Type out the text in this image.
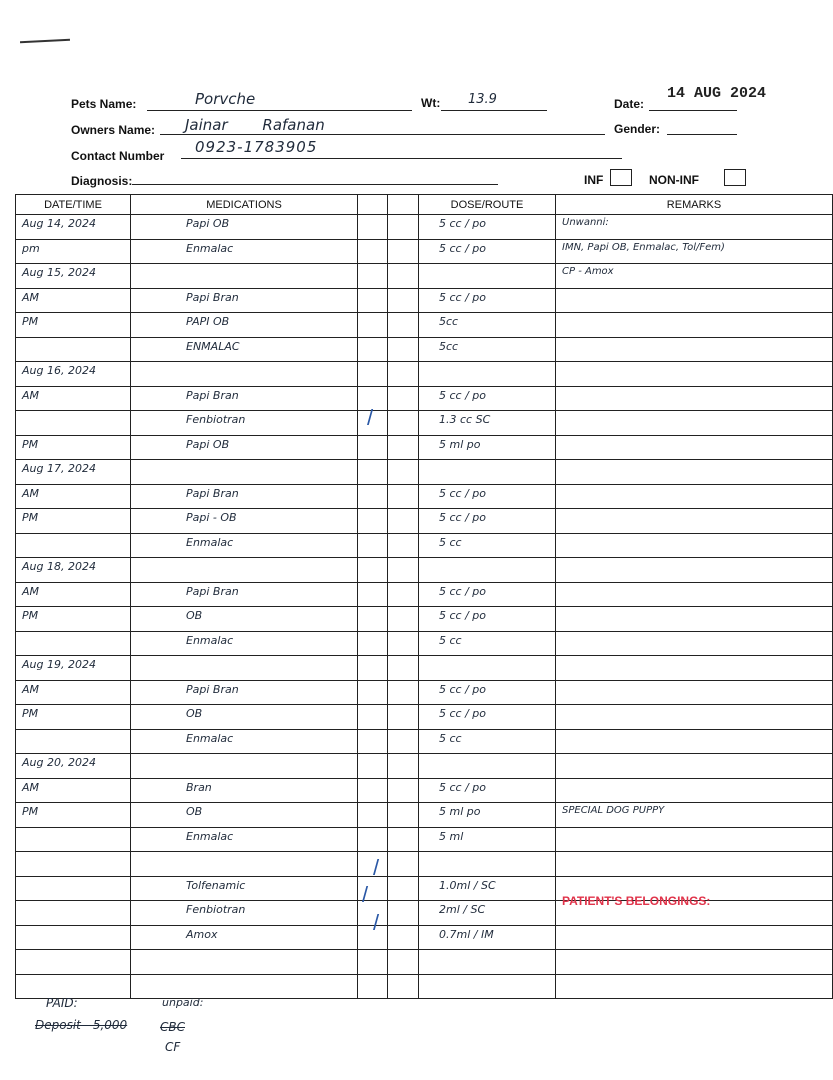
Pets Name:	Porvche	Wt: 13.9	Date:
14 AUG 2024
Owners Name: Jainar Rafanan	Gender:
Contact Number 0923-1783905
Diagnosis:	INF	NON-INF
DATE/TIME	MEDICATIONS			DOSE/ROUTE	REMARKS

Aug 14, 2024	Papi OB			5 cc / po	Unwanni:

pm	Enmalac			5 cc / po	IMN, Papi OB, Enmalac, Tol/Fem)

Aug 15, 2024					CP - Amox

AM	Papi Bran			5 cc / po	

PM	PAPI OB			5cc	

	ENMALAC			5cc	

Aug 16, 2024					

AM	Papi Bran			5 cc / po	

	Fenbiotran			1.3 cc SC	

PM	Papi OB			5 ml po	

Aug 17, 2024					

AM	Papi Bran			5 cc / po	

PM	Papi - OB			5 cc / po	

	Enmalac			5 cc	

Aug 18, 2024					

AM	Papi Bran			5 cc / po	

PM	OB			5 cc / po	

	Enmalac			5 cc	

Aug 19, 2024					

AM	Papi Bran			5 cc / po	

PM	OB			5 cc / po	

	Enmalac			5 cc	

Aug 20, 2024					

AM	Bran			5 cc / po	

PM	OB			5 ml po	SPECIAL DOG PUPPY

	Enmalac			5 ml	

	Tolfenamic			1.0ml / SC	

	Fenbiotran			2ml / SC	

	Amox			0.7ml / IM	

/
/
/
/
PATIENT'S BELONGINGS:
PAID:
Deposit - 5,000
unpaid:
CBC
CF
